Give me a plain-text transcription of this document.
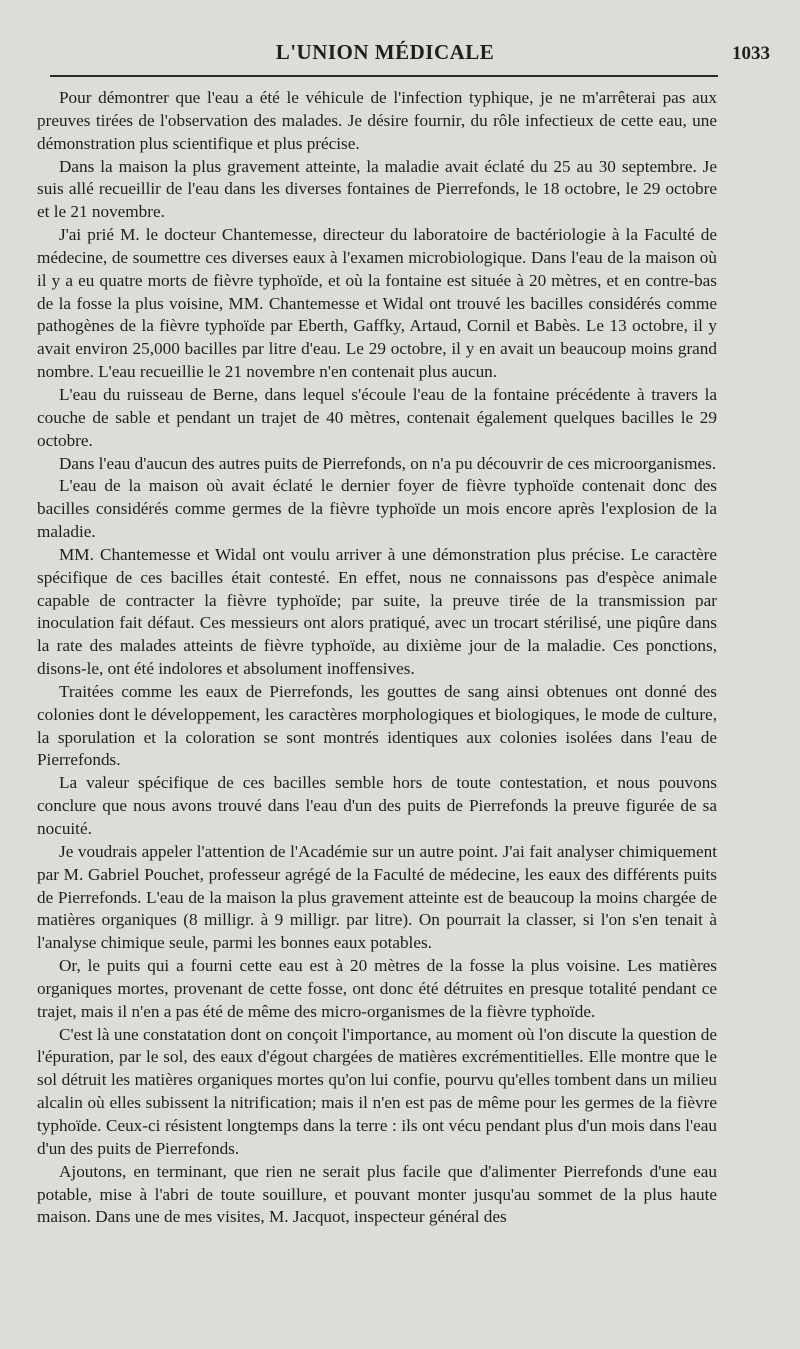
L'UNION MÉDICALE	1033

Pour démontrer que l'eau a été le véhicule de l'infection typhique, je ne m'arrêterai pas aux preuves tirées de l'observation des malades. Je désire fournir, du rôle infectieux de cette eau, une démonstration plus scientifique et plus précise.

Dans la maison la plus gravement atteinte, la maladie avait éclaté du 25 au 30 septembre. Je suis allé recueillir de l'eau dans les diverses fontaines de Pierrefonds, le 18 octobre, le 29 octobre et le 21 novembre.

J'ai prié M. le docteur Chantemesse, directeur du laboratoire de bactériologie à la Faculté de médecine, de soumettre ces diverses eaux à l'examen microbiologique. Dans l'eau de la maison où il y a eu quatre morts de fièvre typhoïde, et où la fontaine est située à 20 mètres, et en contre-bas de la fosse la plus voisine, MM. Chantemesse et Widal ont trouvé les bacilles considérés comme pathogènes de la fièvre typhoïde par Eberth, Gaffky, Artaud, Cornil et Babès. Le 13 octobre, il y avait environ 25,000 bacilles par litre d'eau. Le 29 octobre, il y en avait un beaucoup moins grand nombre. L'eau recueillie le 21 novembre n'en contenait plus aucun.

L'eau du ruisseau de Berne, dans lequel s'écoule l'eau de la fontaine précédente à travers la couche de sable et pendant un trajet de 40 mètres, contenait également quelques bacilles le 29 octobre.

Dans l'eau d'aucun des autres puits de Pierrefonds, on n'a pu découvrir de ces microorganismes.

L'eau de la maison où avait éclaté le dernier foyer de fièvre typhoïde contenait donc des bacilles considérés comme germes de la fièvre typhoïde un mois encore après l'explosion de la maladie.

MM. Chantemesse et Widal ont voulu arriver à une démonstration plus précise. Le caractère spécifique de ces bacilles était contesté. En effet, nous ne connaissons pas d'espèce animale capable de contracter la fièvre typhoïde; par suite, la preuve tirée de la transmission par inoculation fait défaut. Ces messieurs ont alors pratiqué, avec un trocart stérilisé, une piqûre dans la rate des malades atteints de fièvre typhoïde, au dixième jour de la maladie. Ces ponctions, disons-le, ont été indolores et absolument inoffensives.

Traitées comme les eaux de Pierrefonds, les gouttes de sang ainsi obtenues ont donné des colonies dont le développement, les caractères morphologiques et biologiques, le mode de culture, la sporulation et la coloration se sont montrés identiques aux colonies isolées dans l'eau de Pierrefonds.

La valeur spécifique de ces bacilles semble hors de toute contestation, et nous pouvons conclure que nous avons trouvé dans l'eau d'un des puits de Pierrefonds la preuve figurée de sa nocuité.

Je voudrais appeler l'attention de l'Académie sur un autre point. J'ai fait analyser chimiquement par M. Gabriel Pouchet, professeur agrégé de la Faculté de médecine, les eaux des différents puits de Pierrefonds. L'eau de la maison la plus gravement atteinte est de beaucoup la moins chargée de matières organiques (8 milligr. à 9 milligr. par litre). On pourrait la classer, si l'on s'en tenait à l'analyse chimique seule, parmi les bonnes eaux potables.

Or, le puits qui a fourni cette eau est à 20 mètres de la fosse la plus voisine. Les matières organiques mortes, provenant de cette fosse, ont donc été détruites en presque totalité pendant ce trajet, mais il n'en a pas été de même des micro-organismes de la fièvre typhoïde.

C'est là une constatation dont on conçoit l'importance, au moment où l'on discute la question de l'épuration, par le sol, des eaux d'égout chargées de matières excrémentitielles. Elle montre que le sol détruit les matières organiques mortes qu'on lui confie, pourvu qu'elles tombent dans un milieu alcalin où elles subissent la nitrification; mais il n'en est pas de même pour les germes de la fièvre typhoïde. Ceux-ci résistent longtemps dans la terre : ils ont vécu pendant plus d'un mois dans l'eau d'un des puits de Pierrefonds.

Ajoutons, en terminant, que rien ne serait plus facile que d'alimenter Pierrefonds d'une eau potable, mise à l'abri de toute souillure, et pouvant monter jusqu'au sommet de la plus haute maison. Dans une de mes visites, M. Jacquot, inspecteur général des
